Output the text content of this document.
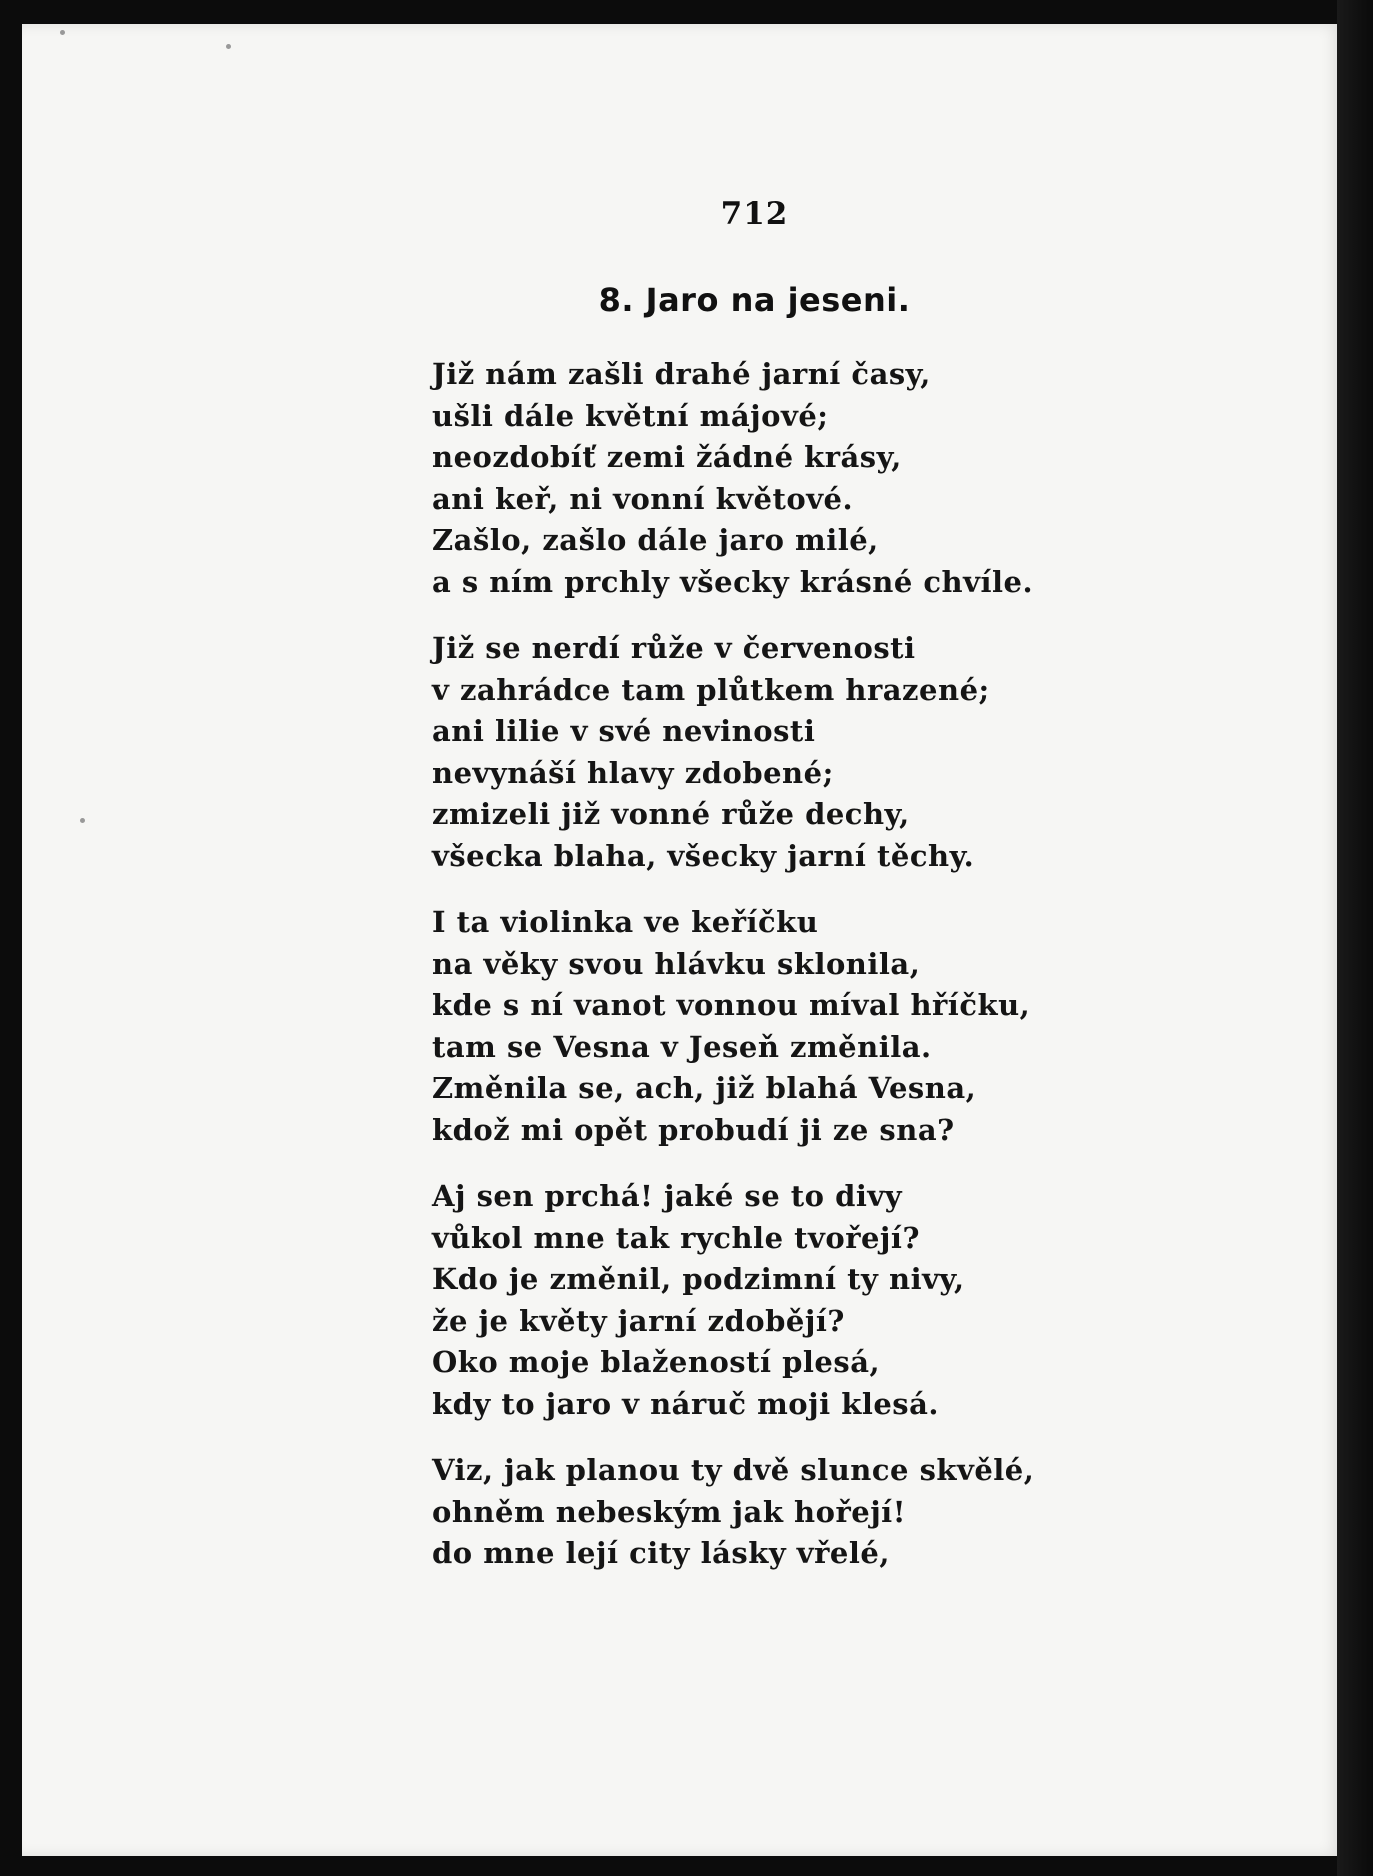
712
8. Jaro na jeseni.
Již nám zašli drahé jarní časy,
ušli dále květní májové;
neozdobíť zemi žádné krásy,
ani keř, ni vonní květové.
Zašlo, zašlo dále jaro milé,
a s ním prchly všecky krásné chvíle.
Již se nerdí růže v červenosti
v zahrádce tam plůtkem hrazené;
ani lilie v své nevinosti
nevynáší hlavy zdobené;
zmizeli již vonné růže dechy,
všecka blaha, všecky jarní těchy.
I ta violinka ve keříčku
na věky svou hlávku sklonila,
kde s ní vanot vonnou míval hříčku,
tam se Vesna v Jeseň změnila.
Změnila se, ach, již blahá Vesna,
kdož mi opět probudí ji ze sna?
Aj sen prchá! jaké se to divy
vůkol mne tak rychle tvořejí?
Kdo je změnil, podzimní ty nivy,
že je květy jarní zdobějí?
Oko moje blažeností plesá,
kdy to jaro v náruč moji klesá.
Viz, jak planou ty dvě slunce skvělé,
ohněm nebeským jak hořejí!
do mne lejí city lásky vřelé,
